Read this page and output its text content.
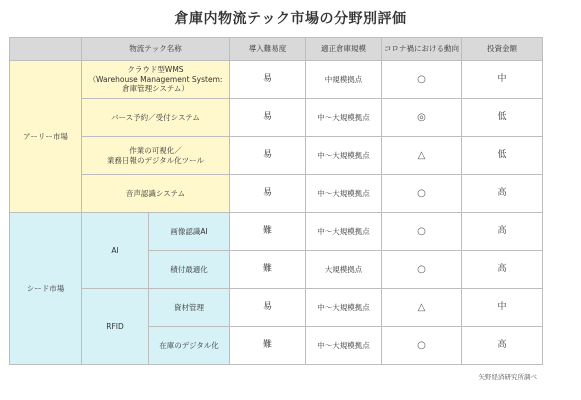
倉庫内物流テック市場の分野別評価
	物流テック名称		導入難易度	適正倉庫規模	コロナ禍における動向	投資金額
アーリー市場	クラウド型WMS
（Warehouse Management System:
倉庫管理システム）		易	中規模拠点	○	中

	バース予約／受付システム		易	中～大規模拠点	◎	低

	作業の可視化／
業務日報のデジタル化ツール		易	中～大規模拠点	△	低

	音声認識システム		易	中～大規模拠点	○	高
シード市場	AI	画像認識AI	難	中～大規模拠点	○	高

		積付最適化	難	大規模拠点	○	高
	RFID	資材管理	易	中～大規模拠点	△	中

		在庫のデジタル化	難	中～大規模拠点	○	高
矢野経済研究所調べ
